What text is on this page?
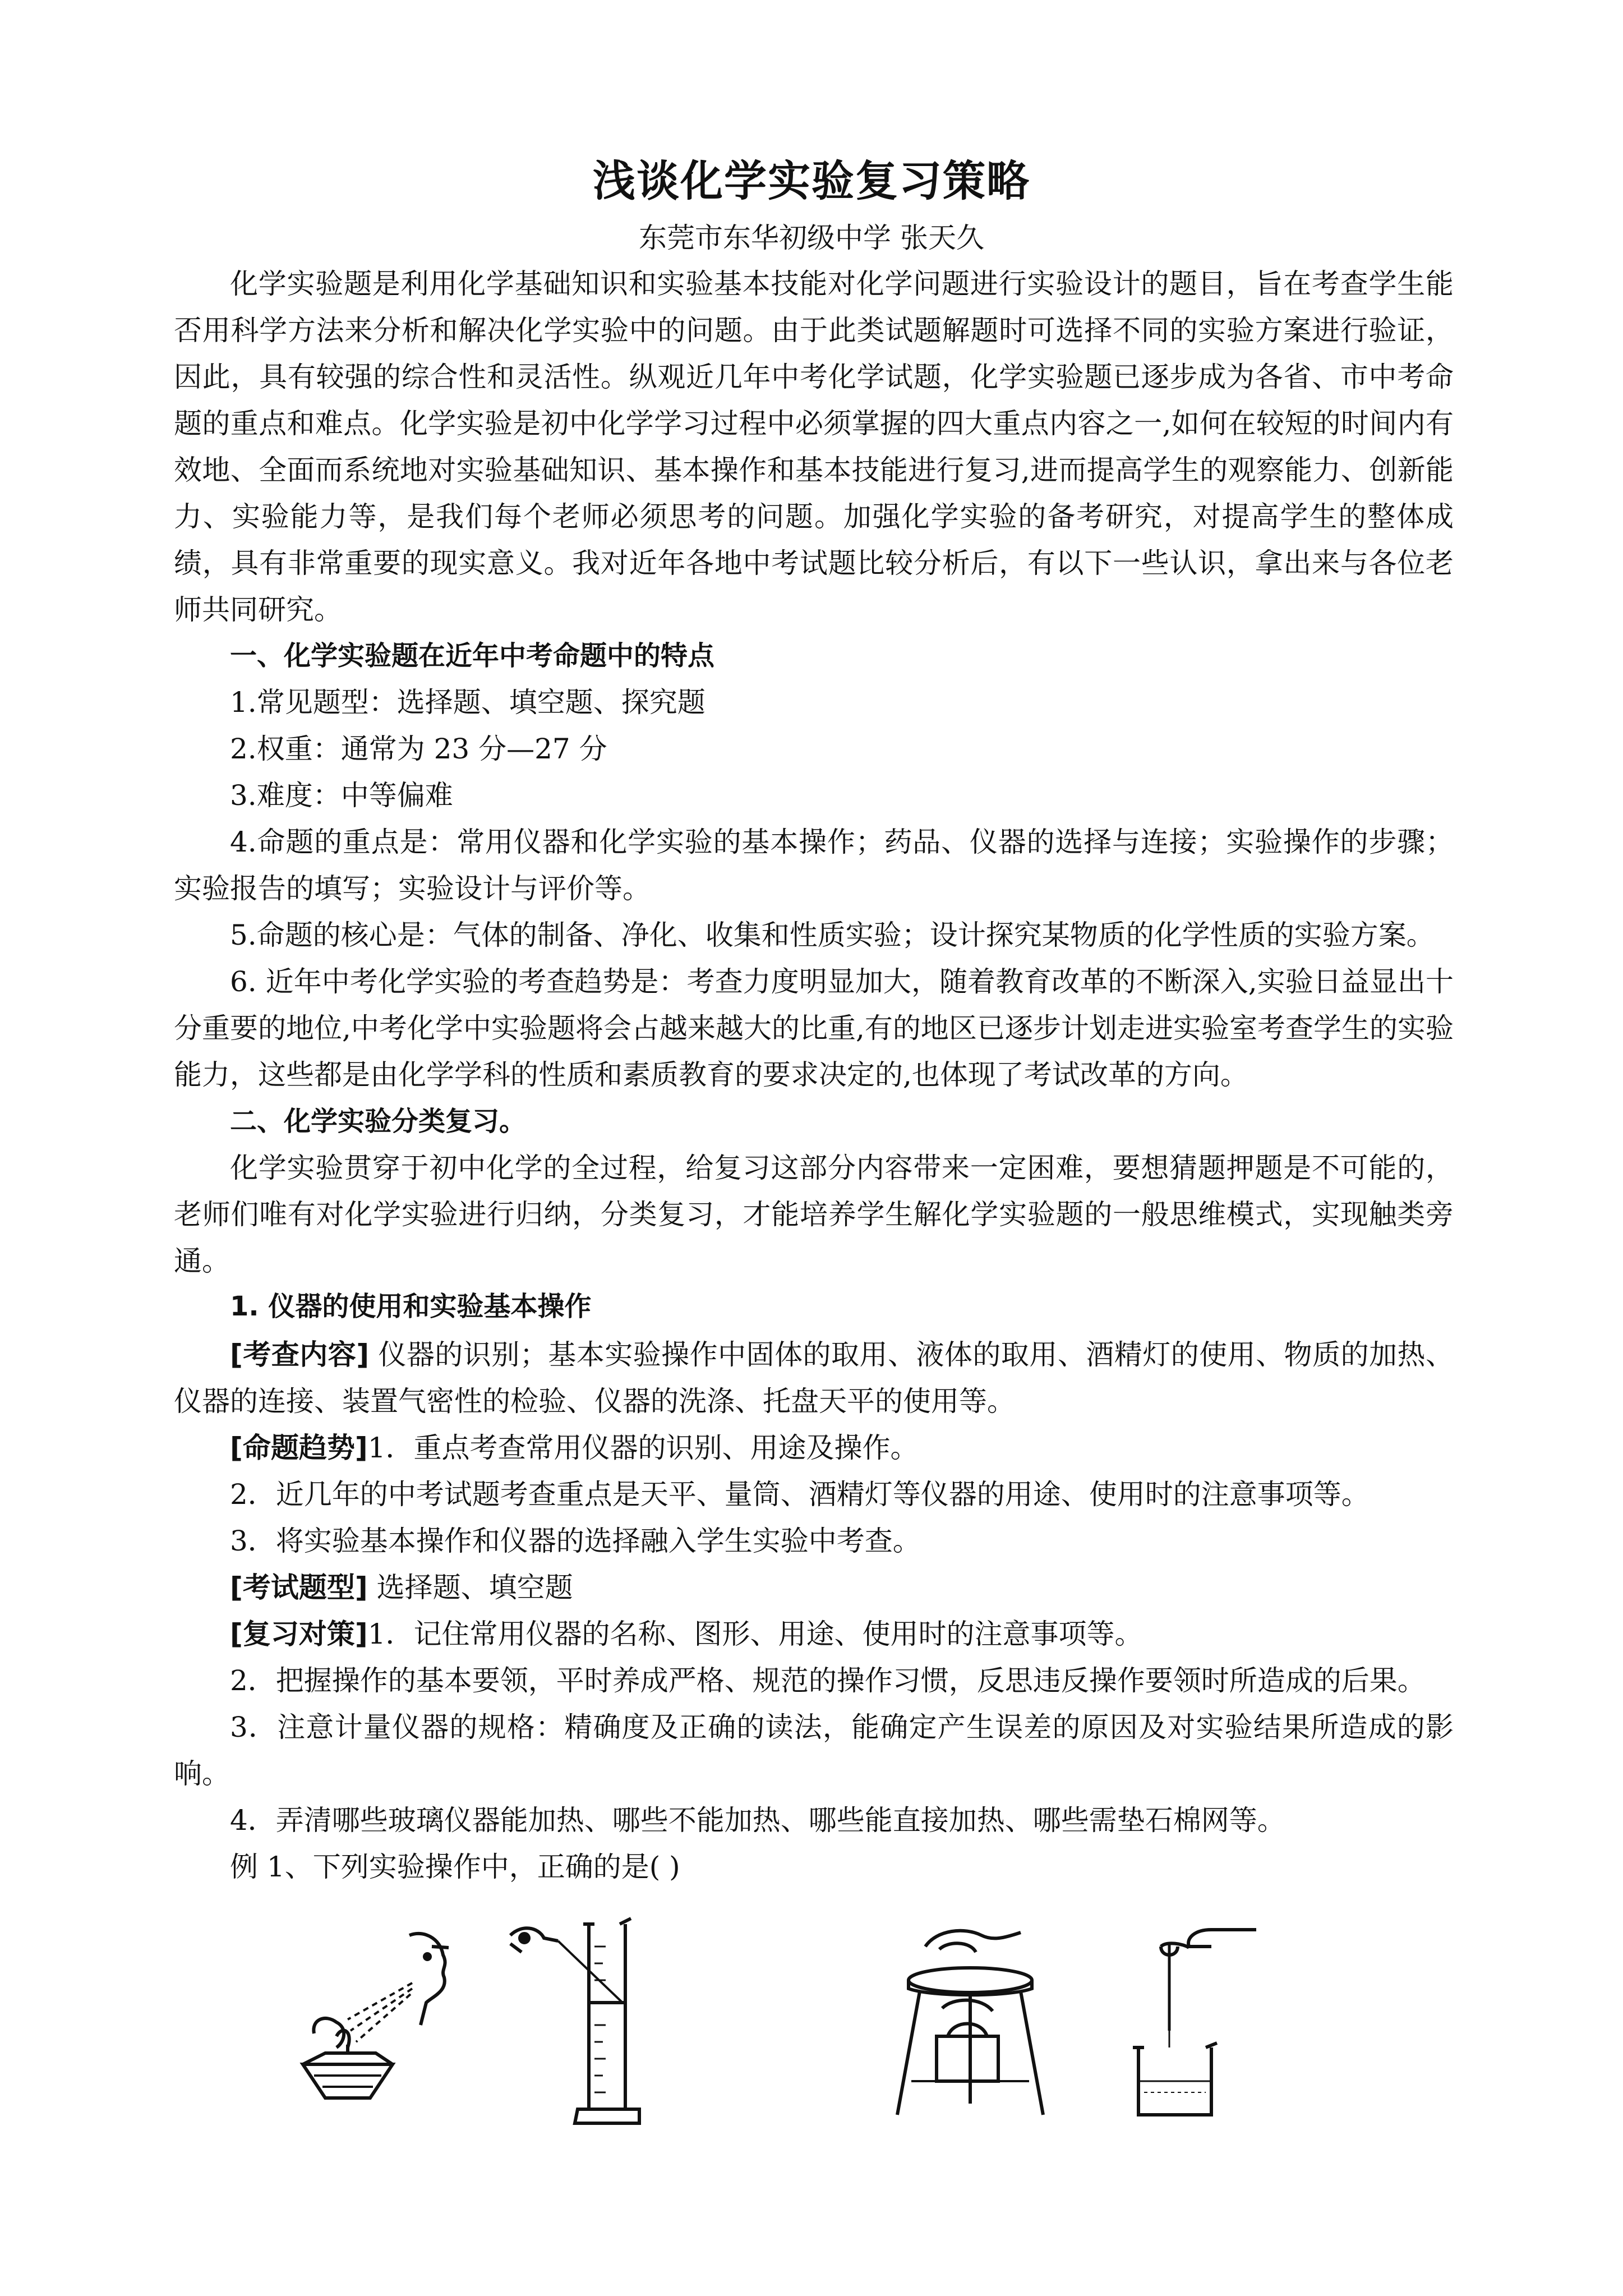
浅谈化学实验复习策略
东莞市东华初级中学 张天久
化学实验题是利用化学基础知识和实验基本技能对化学问题进行实验设计的题目，旨在考查学生能否用科学方法来分析和解决化学实验中的问题。由于此类试题解题时可选择不同的实验方案进行验证，因此，具有较强的综合性和灵活性。纵观近几年中考化学试题，化学实验题已逐步成为各省、市中考命题的重点和难点。化学实验是初中化学学习过程中必须掌握的四大重点内容之一,如何在较短的时间内有效地、全面而系统地对实验基础知识、基本操作和基本技能进行复习,进而提高学生的观察能力、创新能力、实验能力等，是我们每个老师必须思考的问题。加强化学实验的备考研究，对提高学生的整体成绩，具有非常重要的现实意义。我对近年各地中考试题比较分析后，有以下一些认识，拿出来与各位老师共同研究。
一、化学实验题在近年中考命题中的特点
1.常见题型：选择题、填空题、探究题
2.权重：通常为 23 分—27 分
3.难度：中等偏难
4.命题的重点是：常用仪器和化学实验的基本操作；药品、仪器的选择与连接；实验操作的步骤；实验报告的填写；实验设计与评价等。
5.命题的核心是：气体的制备、净化、收集和性质实验；设计探究某物质的化学性质的实验方案。
6. 近年中考化学实验的考查趋势是：考查力度明显加大，随着教育改革的不断深入,实验日益显出十分重要的地位,中考化学中实验题将会占越来越大的比重,有的地区已逐步计划走进实验室考查学生的实验能力，这些都是由化学学科的性质和素质教育的要求决定的,也体现了考试改革的方向。
二、化学实验分类复习。
化学实验贯穿于初中化学的全过程，给复习这部分内容带来一定困难，要想猜题押题是不可能的，老师们唯有对化学实验进行归纳，分类复习，才能培养学生解化学实验题的一般思维模式，实现触类旁通。
1. 仪器的使用和实验基本操作
[考查内容] 仪器的识别；基本实验操作中固体的取用、液体的取用、酒精灯的使用、物质的加热、仪器的连接、装置气密性的检验、仪器的洗涤、托盘天平的使用等。
[命题趋势]1．重点考查常用仪器的识别、用途及操作。
2．近几年的中考试题考查重点是天平、量筒、酒精灯等仪器的用途、使用时的注意事项等。
3．将实验基本操作和仪器的选择融入学生实验中考查。
[考试题型] 选择题、填空题
[复习对策]1．记住常用仪器的名称、图形、用途、使用时的注意事项等。
2．把握操作的基本要领，平时养成严格、规范的操作习惯，反思违反操作要领时所造成的后果。
3．注意计量仪器的规格：精确度及正确的读法，能确定产生误差的原因及对实验结果所造成的影响。
4．弄清哪些玻璃仪器能加热、哪些不能加热、哪些能直接加热、哪些需垫石棉网等。
例 1、下列实验操作中，正确的是( )
